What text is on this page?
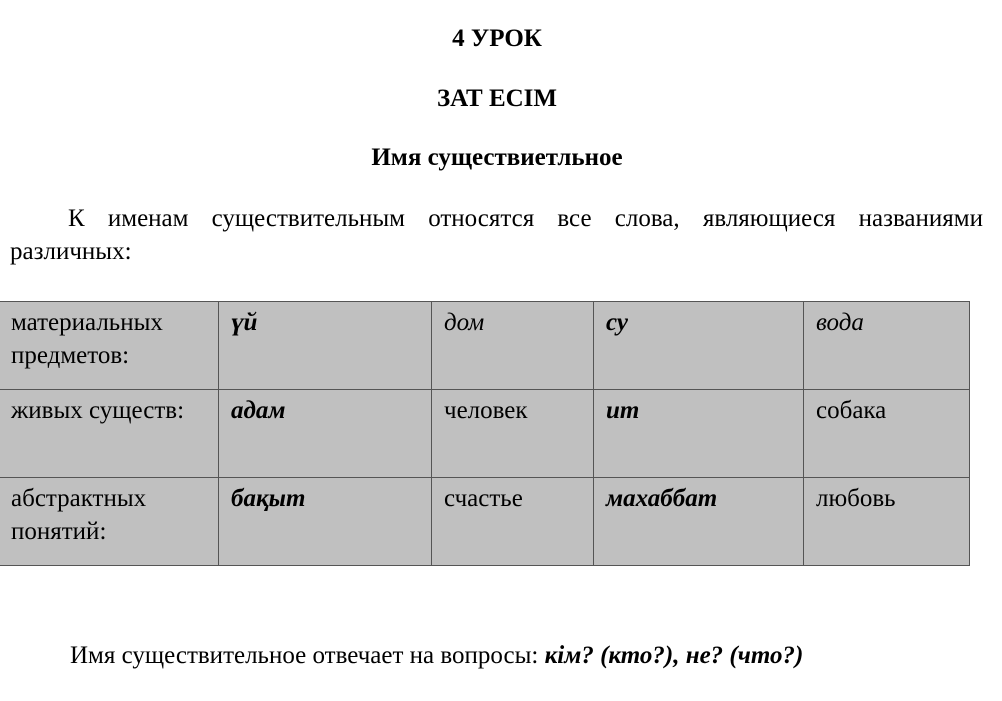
4 УРОК
ЗАТ ЕСІМ
Имя существиетльное

К именам существительным относятся все слова, являющиеся названиями различных:

материальных предметов:	үй	дом	су	вода
живых существ:	адам	человек	ит	собака
абстрактных понятий:	бақыт	счастье	махаббат	любовь

Имя существительное отвечает на вопросы: кім? (кто?), не? (что?)
